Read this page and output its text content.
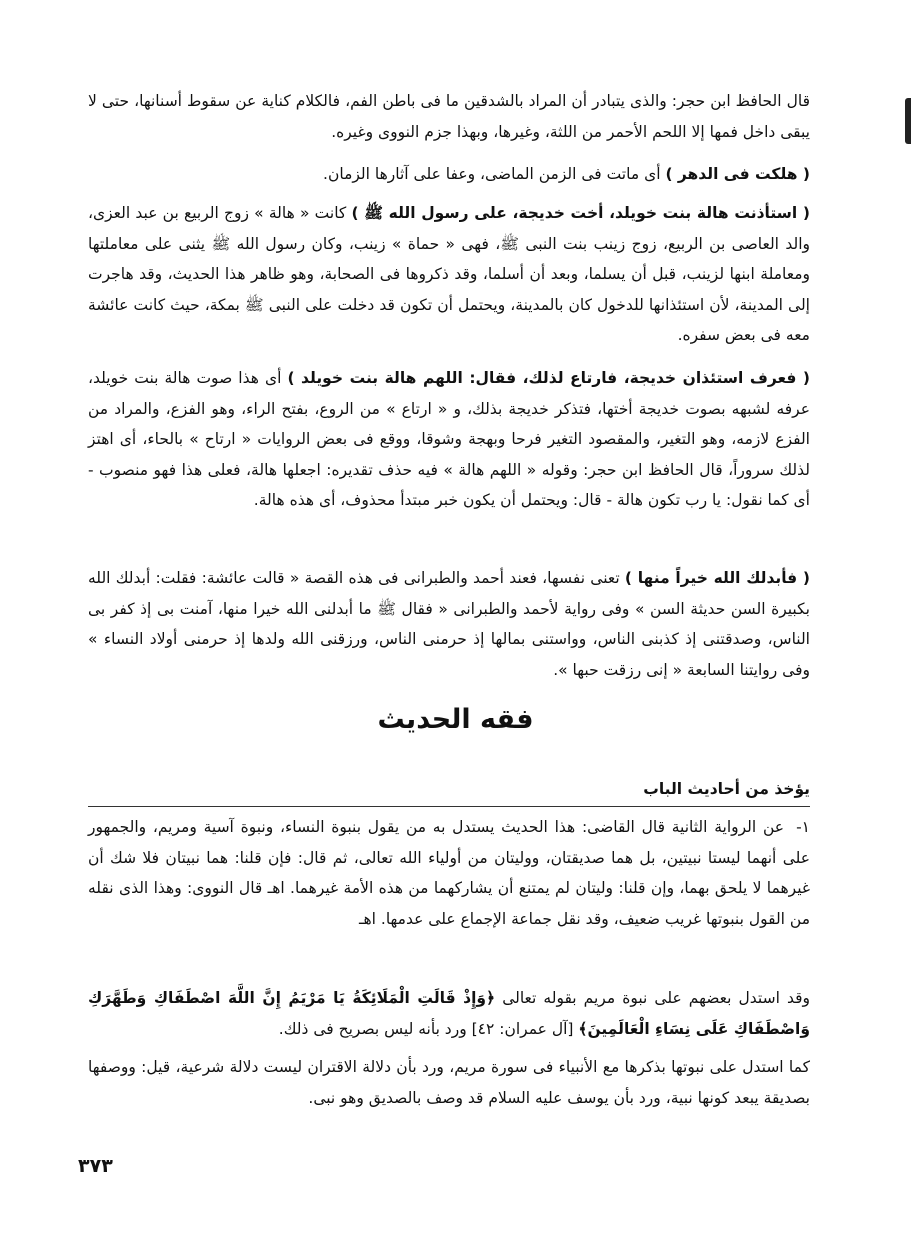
قال الحافظ ابن حجر: والذى يتبادر أن المراد بالشدقين ما فى باطن الفم، فالكلام كناية عن سقوط أسنانها، حتى لا يبقى داخل فمها إلا اللحم الأحمر من اللثة، وغيرها، وبهذا جزم النووى وغيره.

( هلكت فى الدهر ) أى ماتت فى الزمن الماضى، وعفا على آثارها الزمان.

( استأذنت هالة بنت خويلد، أخت خديجة، على رسول الله ﷺ ) كانت « هالة » زوج الربيع بن عبد العزى، والد العاصى بن الربيع، زوج زينب بنت النبى ﷺ، فهى « حماة » زينب، وكان رسول الله ﷺ يثنى على معاملتها ومعاملة ابنها لزينب، قبل أن يسلما، وبعد أن أسلما، وقد ذكروها فى الصحابة، وهو ظاهر هذا الحديث، وقد هاجرت إلى المدينة، لأن استئذانها للدخول كان بالمدينة، ويحتمل أن تكون قد دخلت على النبى ﷺ بمكة، حيث كانت عائشة معه فى بعض سفره.

( فعرف استئذان خديجة، فارتاع لذلك، فقال: اللهم هالة بنت خويلد ) أى هذا صوت هالة بنت خويلد، عرفه لشبهه بصوت خديجة أختها، فتذكر خديجة بذلك، و « ارتاع » من الروع، بفتح الراء، وهو الفزع، والمراد من الفزع لازمه، وهو التغير، والمقصود التغير فرحا وبهجة وشوقا، ووقع فى بعض الروايات « ارتاح » بالحاء، أى اهتز لذلك سروراً، قال الحافظ ابن حجر: وقوله « اللهم هالة » فيه حذف تقديره: اجعلها هالة، فعلى هذا فهو منصوب - أى كما نقول: يا رب تكون هالة - قال: ويحتمل أن يكون خبر مبتدأ محذوف، أى هذه هالة.

( فأبدلك الله خيراً منها ) تعنى نفسها، فعند أحمد والطبرانى فى هذه القصة « قالت عائشة: فقلت: أبدلك الله بكبيرة السن حديثة السن » وفى رواية لأحمد والطبرانى « فقال ﷺ ما أبدلنى الله خيرا منها، آمنت بى إذ كفر بى الناس، وصدقتنى إذ كذبنى الناس، وواستنى بمالها إذ حرمنى الناس، ورزقنى الله ولدها إذ حرمنى أولاد النساء » وفى روايتنا السابعة « إنى رزقت حبها ».

فقه الحديث
يؤخذ من أحاديث الباب
١-
عن الرواية الثانية قال القاضى: هذا الحديث يستدل به من يقول بنبوة النساء، ونبوة آسية ومريم، والجمهور على أنهما ليستا نبيتين، بل هما صديقتان، ووليتان من أولياء الله تعالى، ثم قال: فإن قلنا: هما نبيتان فلا شك أن غيرهما لا يلحق بهما، وإن قلنا: وليتان لم يمتنع أن يشاركهما من هذه الأمة غيرهما. اهـ قال النووى: وهذا الذى نقله من القول بنبوتها غريب ضعيف، وقد نقل جماعة الإجماع على عدمها. اهـ

وقد استدل بعضهم على نبوة مريم بقوله تعالى ﴿وَإِذْ قَالَتِ الْمَلَائِكَةُ يَا مَرْيَمُ إِنَّ اللَّهَ اصْطَفَاكِ وَطَهَّرَكِ وَاصْطَفَاكِ عَلَى نِسَاءِ الْعَالَمِينَ﴾ [آل عمران: ٤٢] ورد بأنه ليس بصريح فى ذلك.

كما استدل على نبوتها بذكرها مع الأنبياء فى سورة مريم، ورد بأن دلالة الاقتران ليست دلالة شرعية، قيل: ووصفها بصديقة يبعد كونها نبية، ورد بأن يوسف عليه السلام قد وصف بالصديق وهو نبى.

٣٧٣
